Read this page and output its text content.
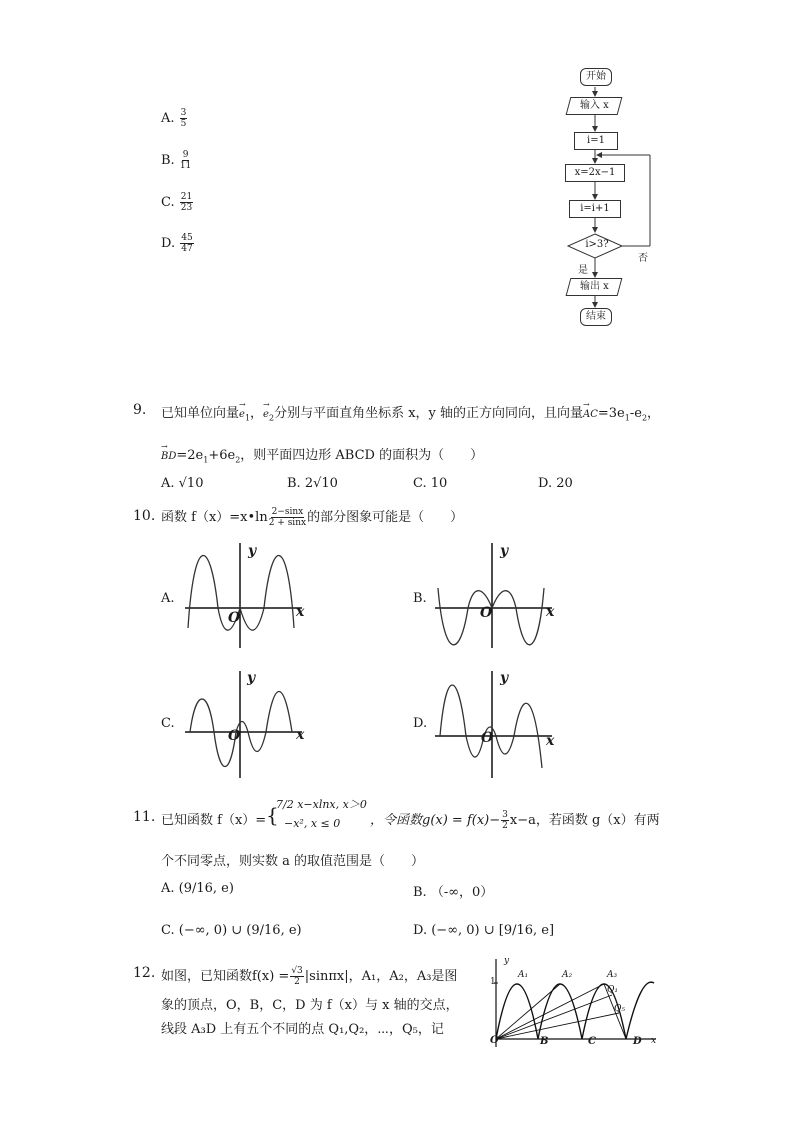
A. $\frac{3}{5}$
B. $\frac{9}{11}$
C. $\frac{21}{23}$
D. $\frac{45}{47}$
开始
输入 x
i=1
x=2x−1
i=i+1
i>3?
否
是
输出 x
结束
9. 已知单位向量→ $e_1$，→ $e_2$分别与平面直角坐标系 x，y 轴的正方向同向，且向量→ $AC=3e_1-e_2$，
→ $BD=2e_1+6e_2$，则平面四边形 ABCD 的面积为（　　）
A. √10	B. 2√10	C. 10	D. 20
10. 函数 f（x）=x•ln $\frac{2-\sin x}{2 + \sin x}$ 的部分图象可能是（　　）
A.	B.
C.	D.
y
x
O
y
x
O
y
x
O
y
x
O
11. 已知函数 f（x）= {
7/2 x−xlnx, x＞0
−x², x ≤ 0 ，令函数$g(x) = f(x)- \frac{3}{2} x-a$，若函数 g（x）有两
个不同零点，则实数 a 的取值范围是（　　）
A. (9/16, e)	B. （-∞，0）
C. (−∞, 0) ∪ (9/16, e)	D. (−∞, 0) ∪ [9/16, e]
12. 如图，已知函数$f(x) = \frac{√3}{2} |\sin\pi x|$，A₁，A₂，A₃是图
象的顶点，O，B，C，D 为 f（x）与 x 轴的交点，
线段 A₃D 上有五个不同的点 Q₁,Q₂，⋯，Q₅，记
y
1
A₁	A₂	A₃
Q₁
Q₅
O	B	C	D x
